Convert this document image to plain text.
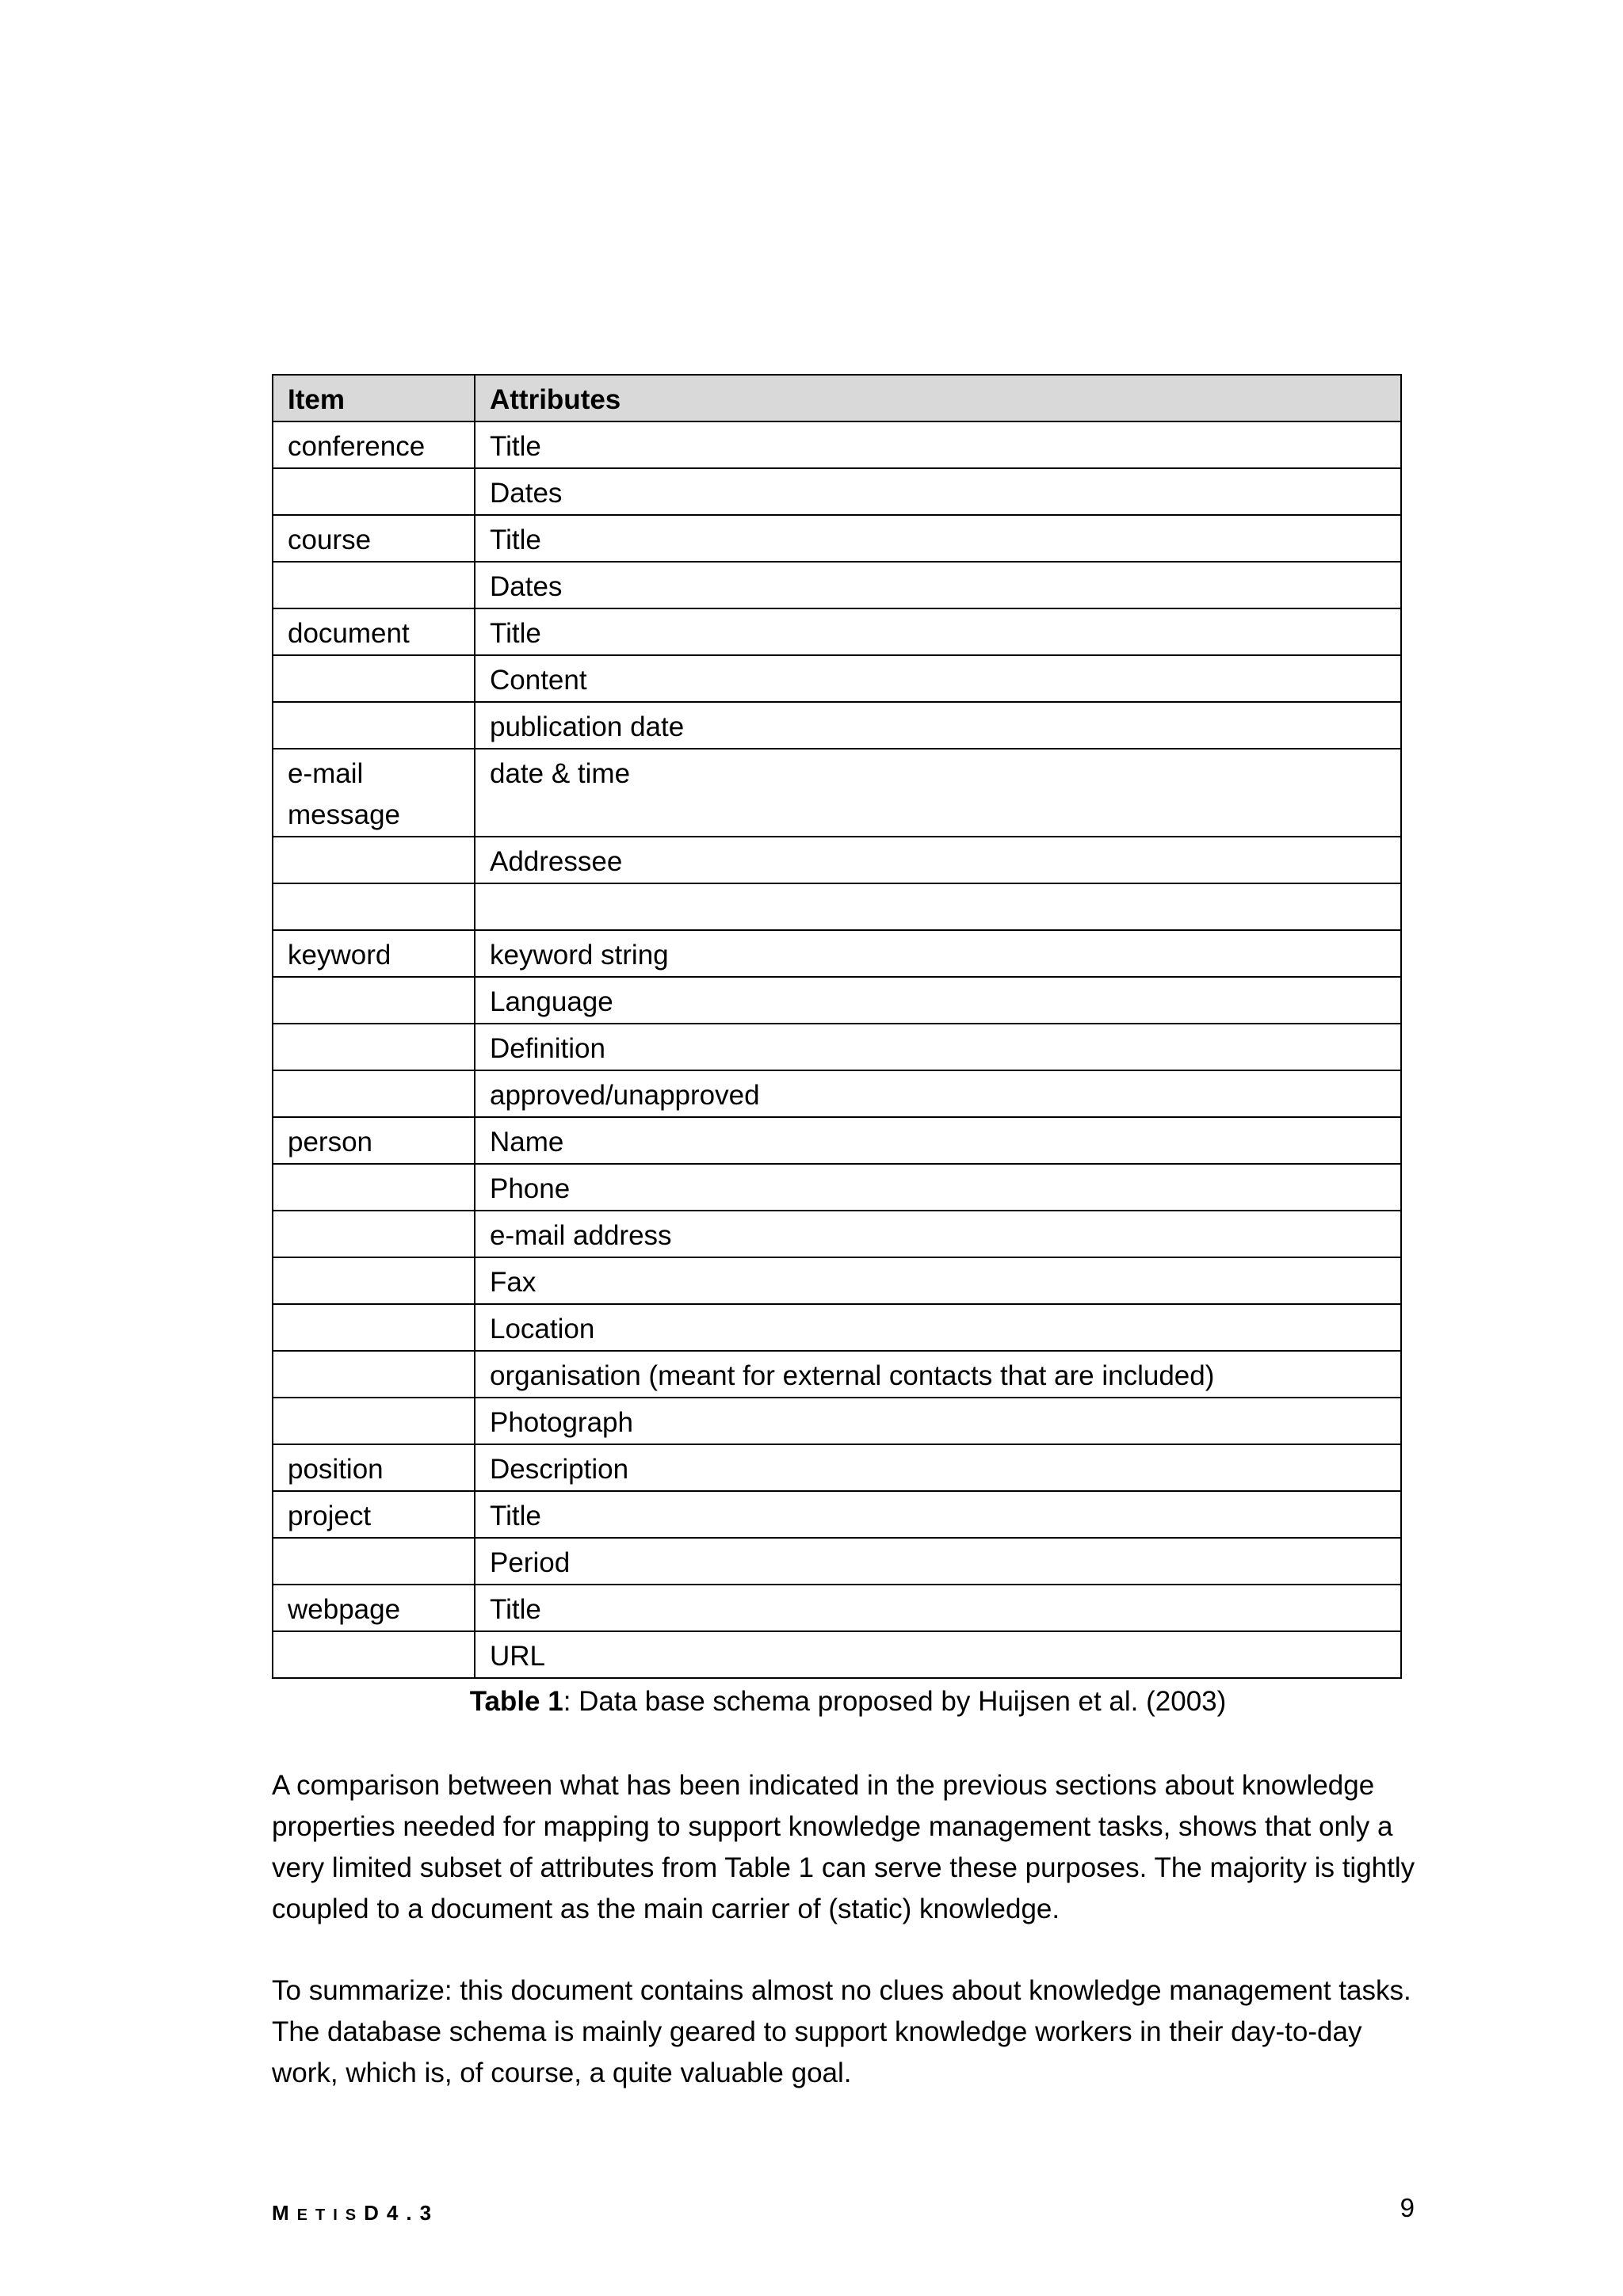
Item	Attributes
conference	Title
	Dates
course	Title
	Dates
document	Title
	Content
	publication date
e-mail message	date & time
	Addressee

keyword	keyword string
	Language
	Definition
	approved/unapproved
person	Name
	Phone
	e-mail address
	Fax
	Location
	organisation (meant for external contacts that are included)
	Photograph
position	Description
project	Title
	Period
webpage	Title
	URL
Table 1: Data base schema proposed by Huijsen et al. (2003)

A comparison between what has been indicated in the previous sections about knowledge properties needed for mapping to support knowledge management tasks, shows that only a very limited subset of attributes from Table 1 can serve these purposes. The majority is tightly coupled to a document as the main carrier of (static) knowledge.

To summarize: this document contains almost no clues about knowledge management tasks. The database schema is mainly geared to support knowledge workers in their day-to-day work, which is, of course, a quite valuable goal.

METISD4.3	9
